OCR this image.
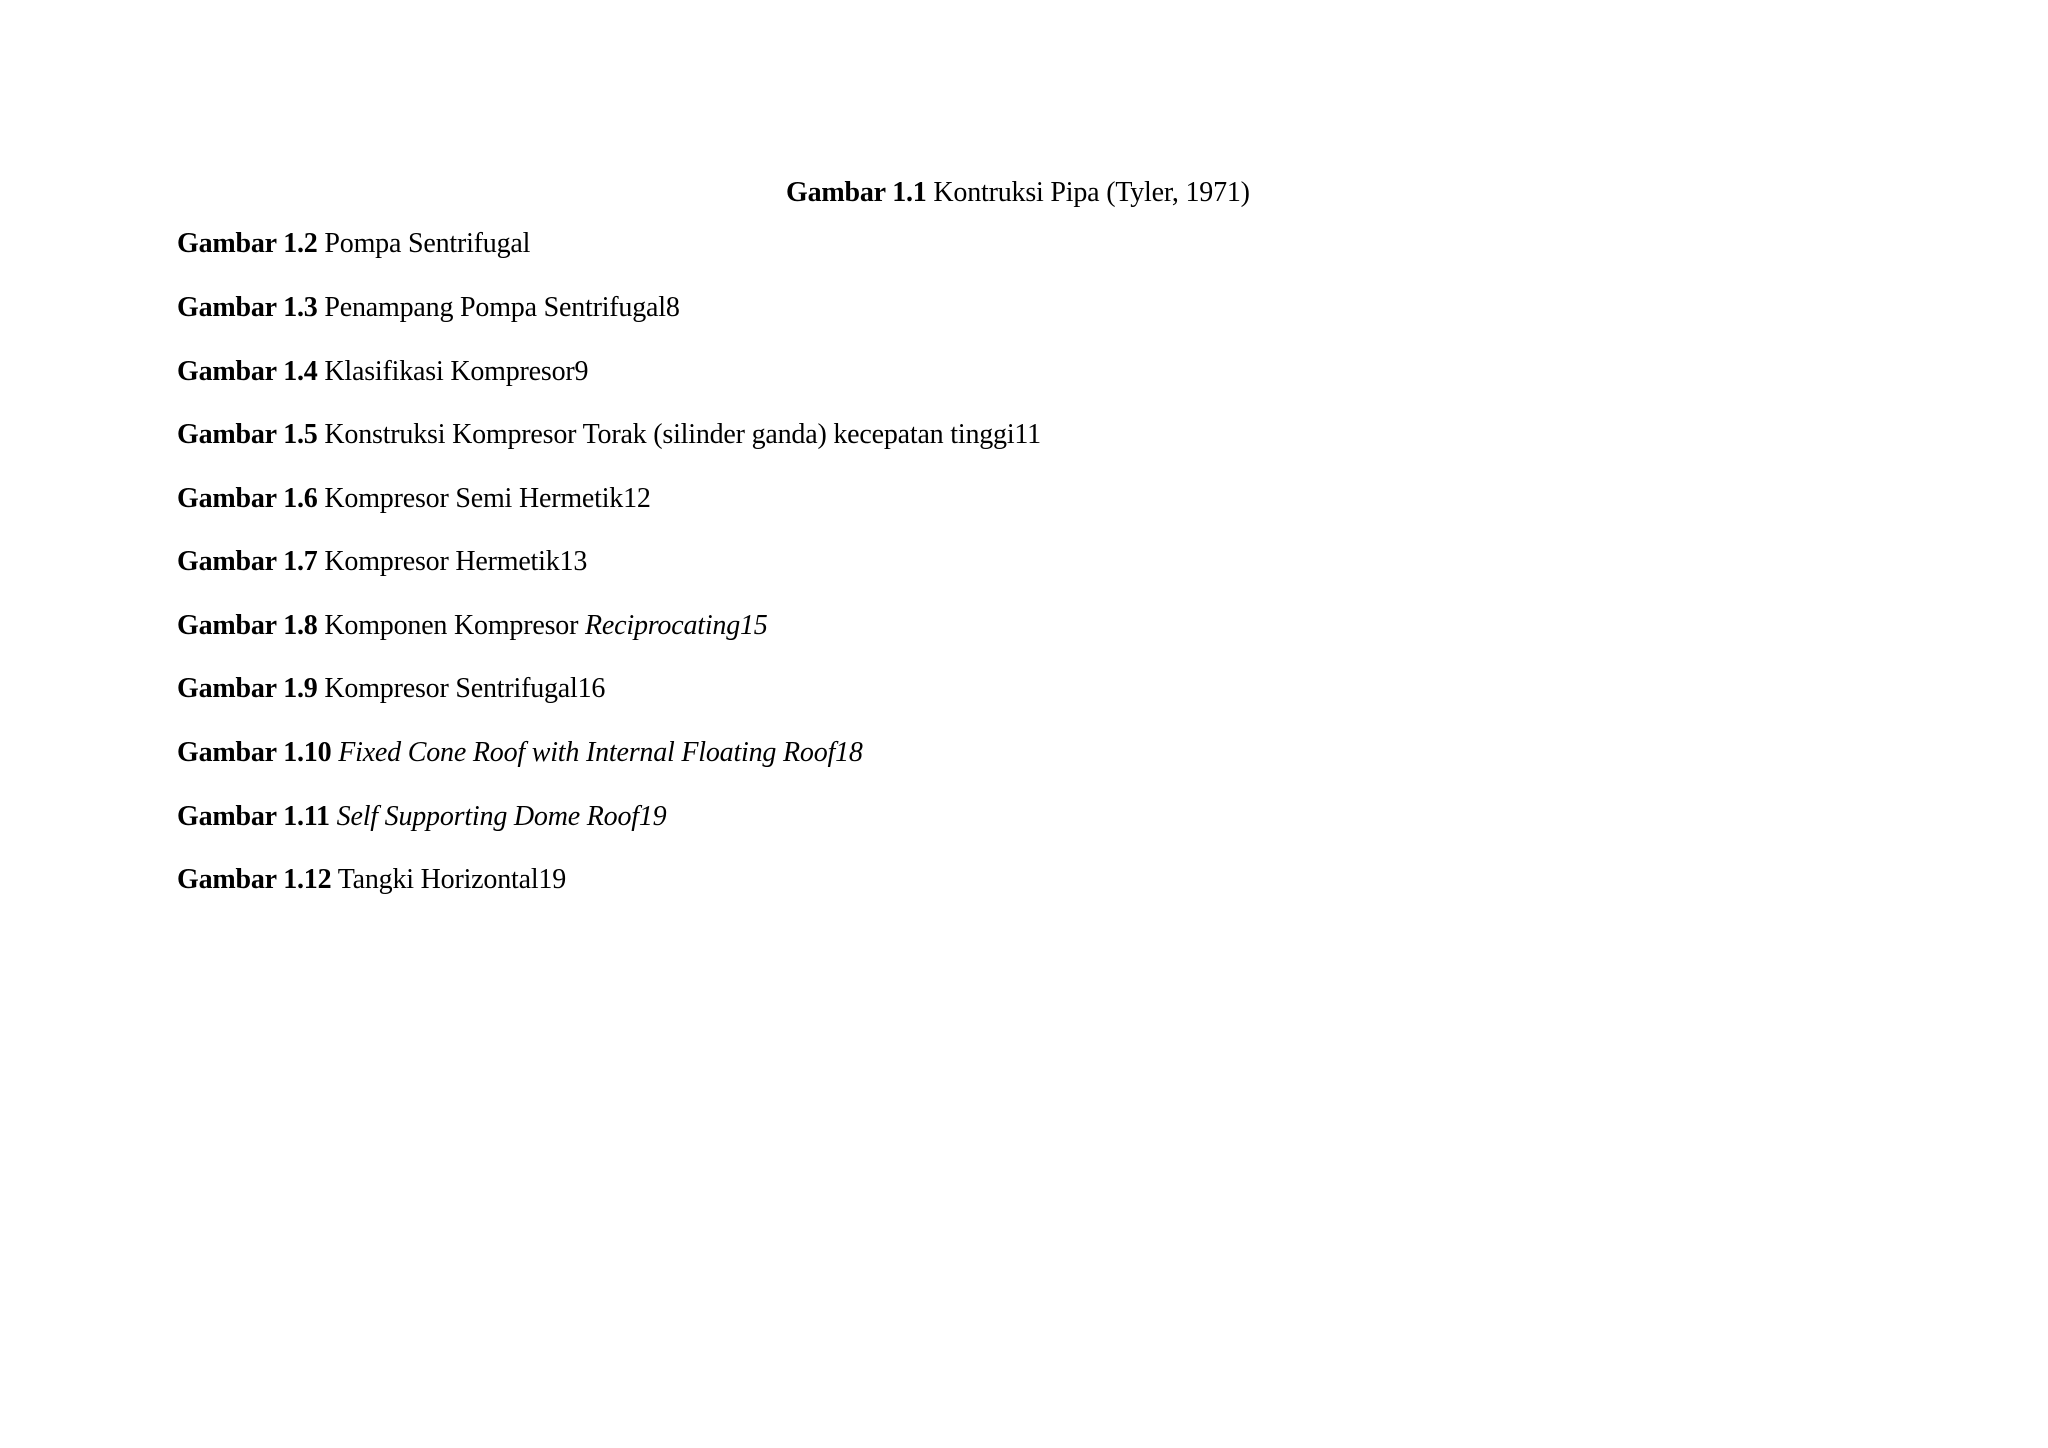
Gambar 1.1 Kontruksi Pipa (Tyler, 1971)
Gambar 1.2 Pompa Sentrifugal
Gambar 1.3 Penampang Pompa Sentrifugal8
Gambar 1.4 Klasifikasi Kompresor9
Gambar 1.5 Konstruksi Kompresor Torak (silinder ganda) kecepatan tinggi11
Gambar 1.6 Kompresor Semi Hermetik12
Gambar 1.7 Kompresor Hermetik13
Gambar 1.8 Komponen Kompresor Reciprocating15
Gambar 1.9 Kompresor Sentrifugal16
Gambar 1.10 Fixed Cone Roof with Internal Floating Roof18
Gambar 1.11 Self Supporting Dome Roof19
Gambar 1.12 Tangki Horizontal19
